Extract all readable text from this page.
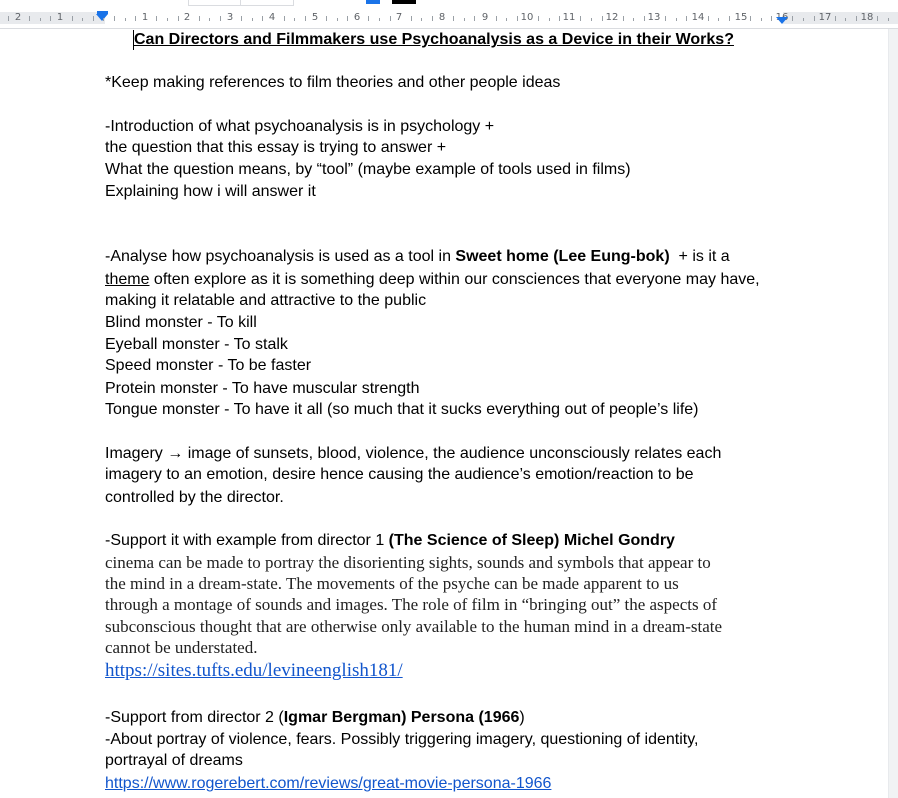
2	1	1	2	3	4	5	6	7	8	9	10	11	12	13	14	15	16	17	18
Can Directors and Filmmakers use Psychoanalysis as a Device in their Works?
*Keep making references to film theories and other people ideas
-Introduction of what psychoanalysis is in psychology +
the question that this essay is trying to answer +
What the question means, by “tool” (maybe example of tools used in films)
Explaining how i will answer it
-Analyse how psychoanalysis is used as a tool in Sweet home (Lee Eung-bok)  + is it a
theme often explore as it is something deep within our consciences that everyone may have,
making it relatable and attractive to the public
Blind monster - To kill
Eyeball monster - To stalk
Speed monster - To be faster
Protein monster - To have muscular strength
Tongue monster - To have it all (so much that it sucks everything out of people’s life)
Imagery → image of sunsets, blood, violence, the audience unconsciously relates each
imagery to an emotion, desire hence causing the audience’s emotion/reaction to be
controlled by the director.
-Support it with example from director 1 (The Science of Sleep) Michel Gondry
cinema can be made to portray the disorienting sights, sounds and symbols that appear to
the mind in a dream-state. The movements of the psyche can be made apparent to us
through a montage of sounds and images. The role of film in “bringing out” the aspects of
subconscious thought that are otherwise only available to the human mind in a dream-state
cannot be understated.
https://sites.tufts.edu/levineenglish181/
-Support from director 2 (Igmar Bergman) Persona (1966)
-About portray of violence, fears. Possibly triggering imagery, questioning of identity,
portrayal of dreams
https://www.rogerebert.com/reviews/great-movie-persona-1966
